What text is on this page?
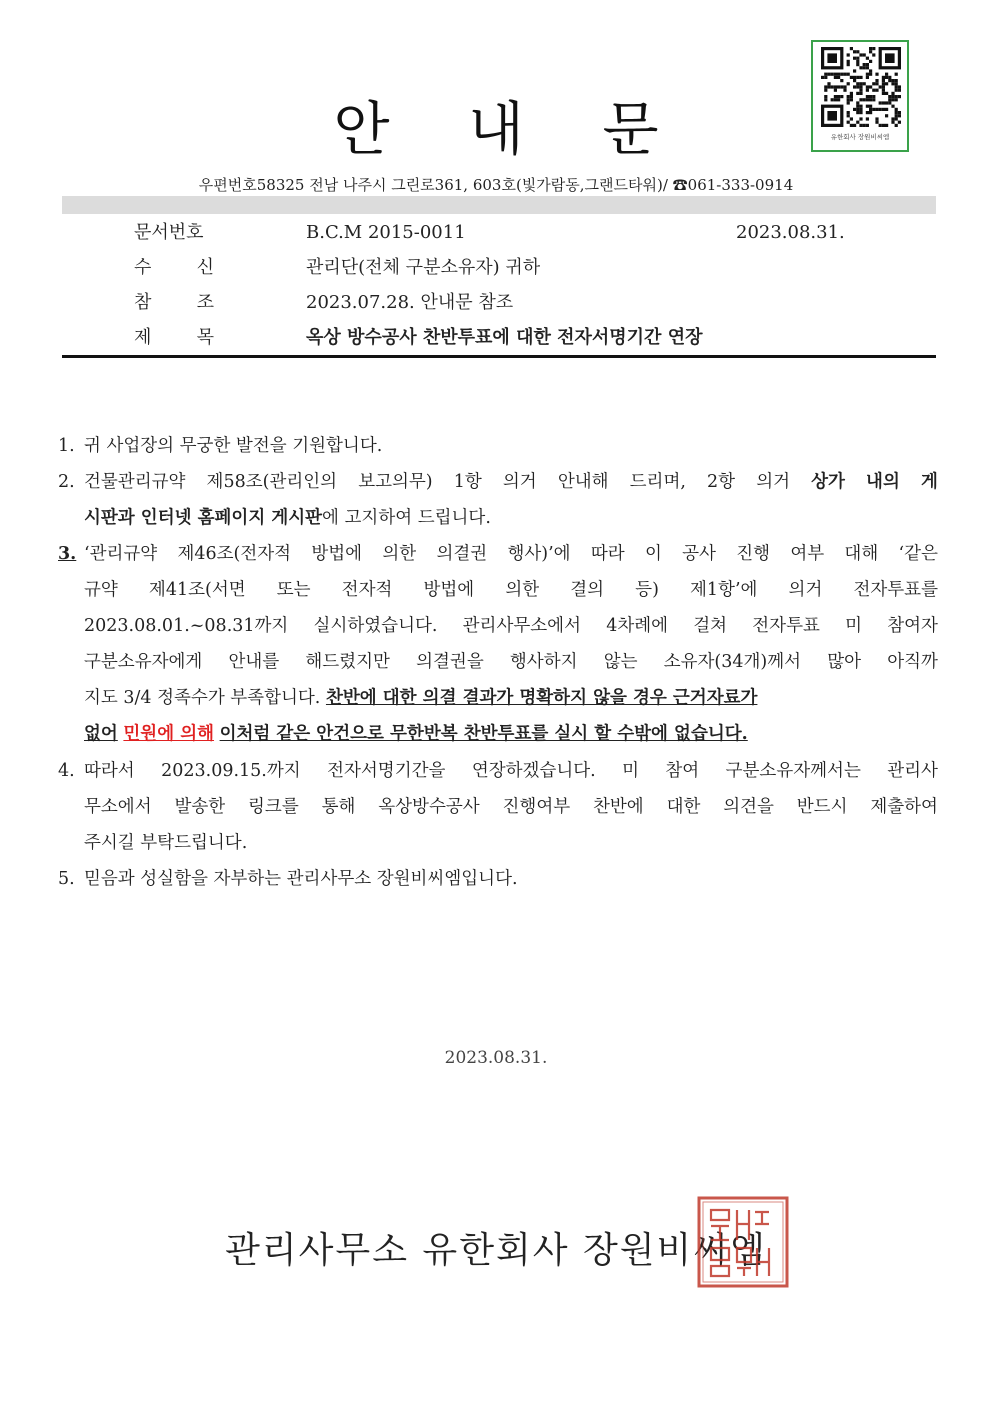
유한회사 장원비씨엠
안 내 문
우편번호58325 전남 나주시 그린로361, 603호(빛가람동,그랜드타워)/ ☎061-333-0914
문서번호	B.C.M 2015-0011	2023.08.31.
수	신	관리단(전체 구분소유자) 귀하
참	조	2023.07.28. 안내문 참조
제	목	옥상 방수공사 찬반투표에 대한 전자서명기간 연장
1. 귀 사업장의 무궁한 발전을 기원합니다.
2. 건물관리규약 제58조(관리인의 보고의무) 1항 의거 안내해 드리며, 2항 의거 상가 내의 게
시판과 인터넷 홈페이지 게시판에 고지하여 드립니다.
3. ‘관리규약 제46조(전자적 방법에 의한 의결권 행사)’에 따라 이 공사 진행 여부 대해 ‘같은
규약 제41조(서면 또는 전자적 방법에 의한 결의 등) 제1항’에 의거 전자투표를
2023.08.01.~08.31까지 실시하였습니다. 관리사무소에서 4차례에 걸쳐 전자투표 미 참여자
구분소유자에게 안내를 해드렸지만 의결권을 행사하지 않는 소유자(34개)께서 많아 아직까
지도 3/4 정족수가 부족합니다. 찬반에 대한 의결 결과가 명확하지 않을 경우 근거자료가
없어 민원에 의해 이처럼 같은 안건으로 무한반복 찬반투표를 실시 할 수밖에 없습니다.
4. 따라서 2023.09.15.까지 전자서명기간을 연장하겠습니다. 미 참여 구분소유자께서는 관리사
무소에서 발송한 링크를 통해 옥상방수공사 진행여부 찬반에 대한 의견을 반드시 제출하여
주시길 부탁드립니다.
5. 믿음과 성실함을 자부하는 관리사무소 장원비씨엠입니다.
2023.08.31.
관리사무소 유한회사 장원비씨엠
